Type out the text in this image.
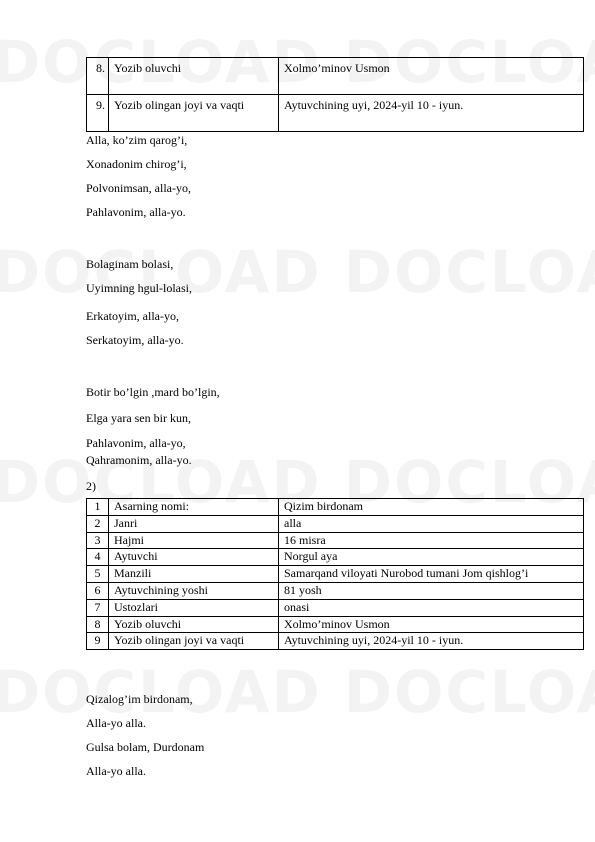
8.	Yozib oluvchi	Xolmo’minov Usmon
9.	Yozib olingan joyi va vaqti	Aytuvchining uyi, 2024-yil 10 - iyun.

Alla, ko’zim qarog’i,

Xonadonim chirog’i,

Polvonimsan, alla-yo,

Pahlavonim, alla-yo.

Bolaginam bolasi,

Uyimning hgul-lolasi,

Erkatoyim, alla-yo,

Serkatoyim, alla-yo.

Botir bo’lgin ,mard bo’lgin,

Elga yara sen bir kun,

Pahlavonim, alla-yo,

Qahramonim, alla-yo.

2)

1	Asarning nomi:	Qizim birdonam
2	Janri	alla
3	Hajmi	16 misra
4	Aytuvchi	Norgul aya
5	Manzili	Samarqand viloyati Nurobod tumani Jom qishlog’i
6	Aytuvchining yoshi	81 yosh
7	Ustozlari	onasi
8	Yozib oluvchi	Xolmo’minov Usmon
9	Yozib olingan joyi va vaqti	Aytuvchining uyi, 2024-yil 10 - iyun.

Qizalog’im birdonam,

Alla-yo alla.

Gulsa bolam, Durdonam

Alla-yo alla.
